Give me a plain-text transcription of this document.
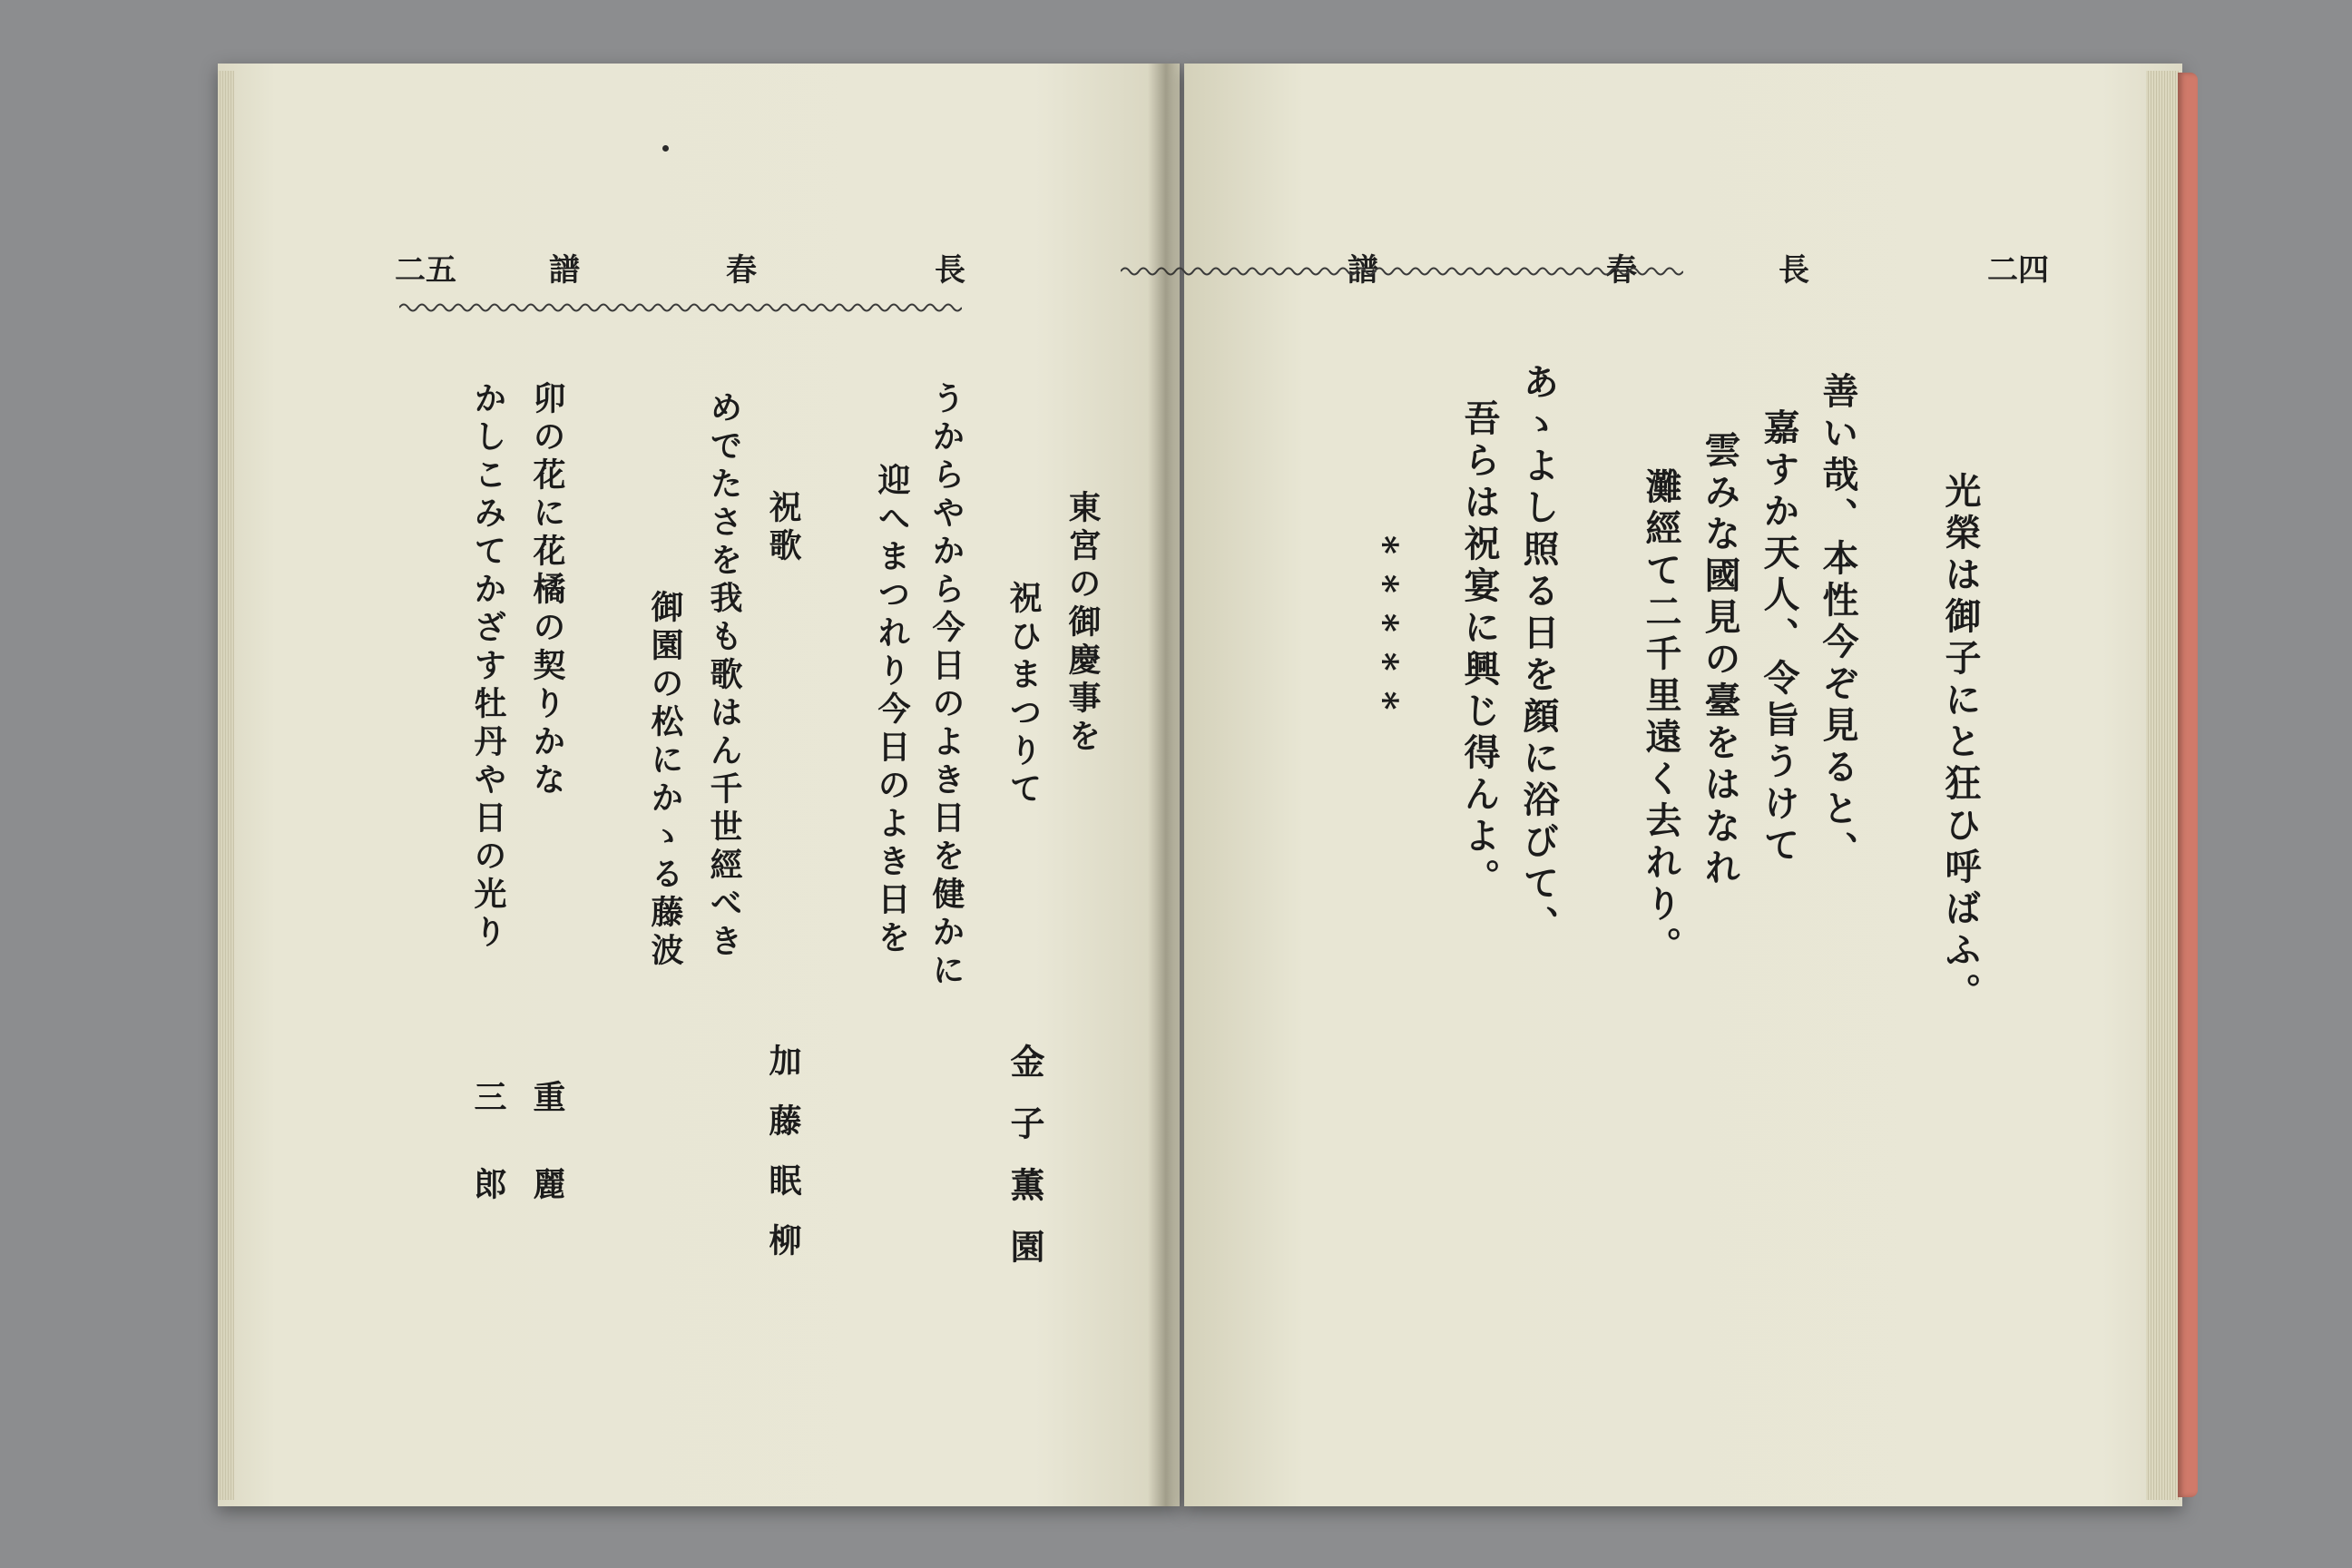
二五	譜	春	長
東宮の御慶事を
祝ひまつりて
金子薫園
うからやから今日のよき日を健かに
迎へまつれり今日のよき日を
祝歌
加藤眠柳
めでたさを我も歌はん千世經べき
御園の松にかゝる藤波
卯の花に花橘の契りかな
かしこみてかざす牡丹や日の光り
重麗
三郎
譜	春	長	二四
光榮は御子にと狂ひ呼ばふ。
善い哉、本性今ぞ見ると、
嘉すか天人、令旨うけて
雲みな國見の臺をはなれ
灘經て二千里遠く去れり。
あゝよし照る日を顔に浴びて、
吾らは祝宴に興じ得んよ。
*****
